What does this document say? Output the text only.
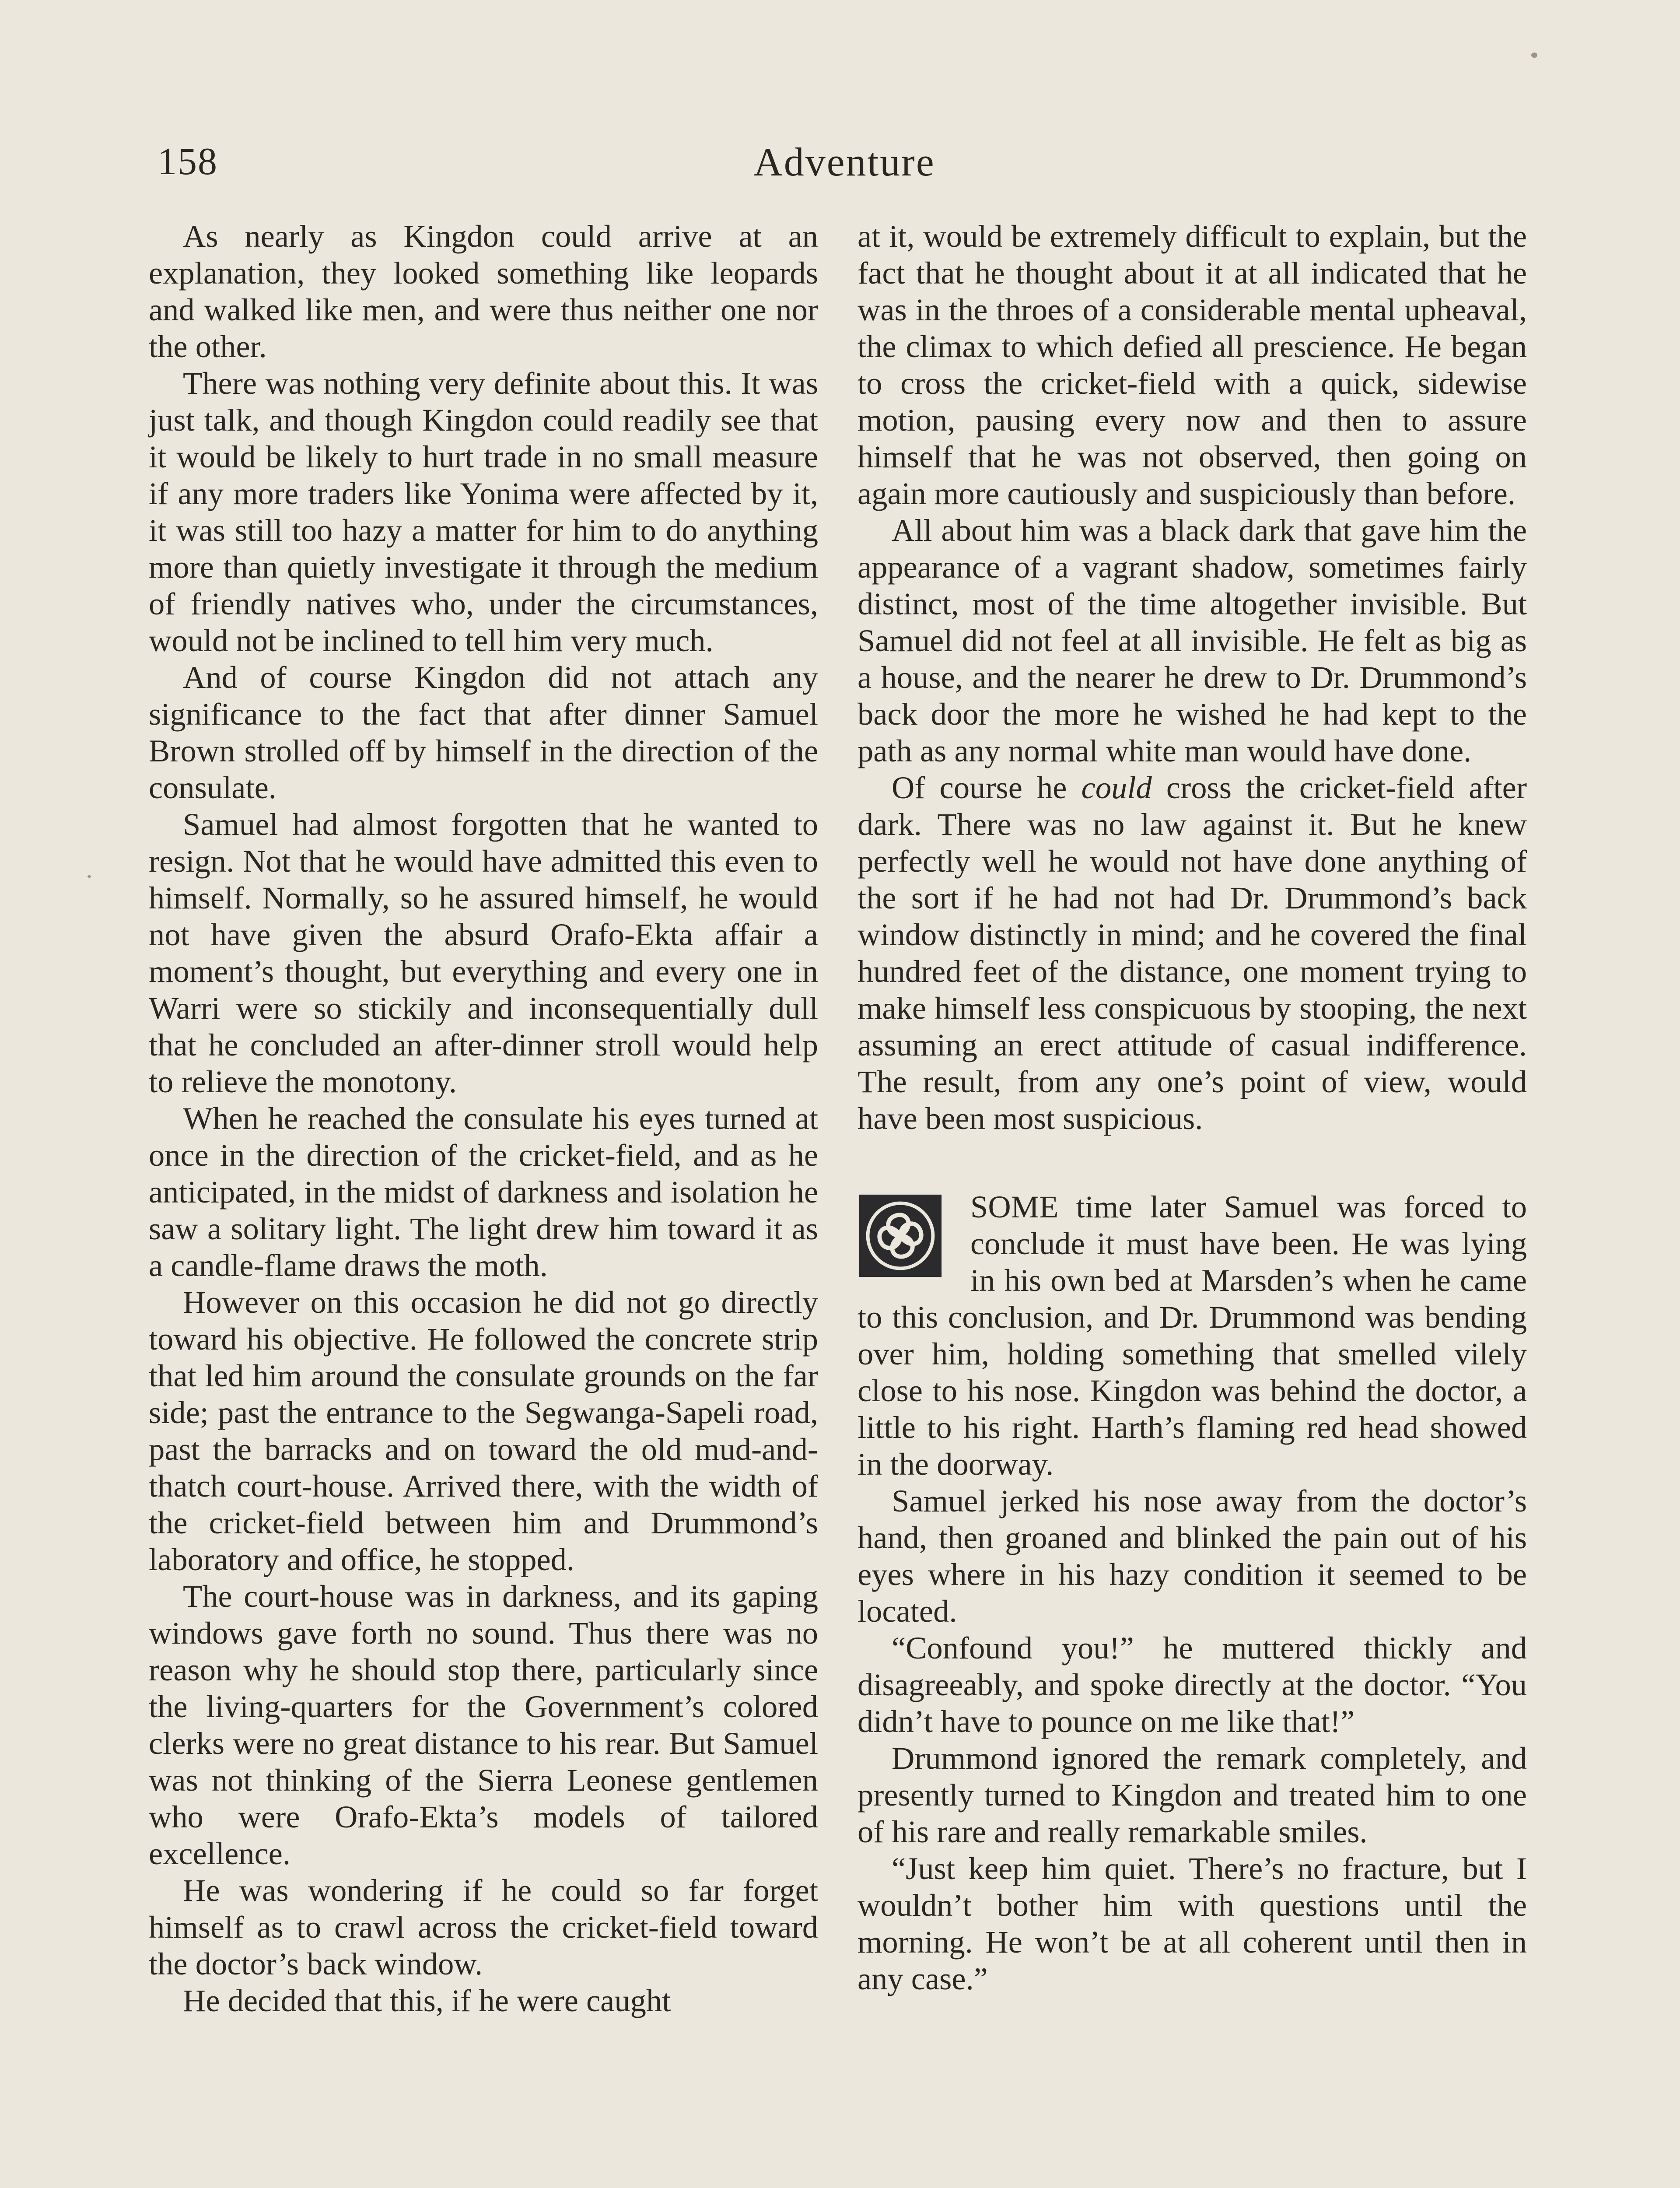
158	Adventure

As nearly as Kingdon could arrive at an explanation, they looked something like leopards and walked like men, and were thus neither one nor the other.

There was nothing very definite about this. It was just talk, and though Kingdon could readily see that it would be likely to hurt trade in no small measure if any more traders like Yonima were affected by it, it was still too hazy a matter for him to do anything more than quietly investigate it through the medium of friendly natives who, under the circumstances, would not be inclined to tell him very much.

And of course Kingdon did not attach any significance to the fact that after dinner Samuel Brown strolled off by himself in the direction of the consulate.

Samuel had almost forgotten that he wanted to resign. Not that he would have admitted this even to himself. Normally, so he assured himself, he would not have given the absurd Orafo-Ekta affair a moment’s thought, but everything and every one in Warri were so stickily and inconsequentially dull that he concluded an after-dinner stroll would help to relieve the monotony.

When he reached the consulate his eyes turned at once in the direction of the cricket-field, and as he anticipated, in the midst of darkness and isolation he saw a solitary light. The light drew him toward it as a candle-flame draws the moth.

However on this occasion he did not go directly toward his objective. He followed the concrete strip that led him around the consulate grounds on the far side; past the entrance to the Segwanga-Sapeli road, past the barracks and on toward the old mud-and-thatch court-house. Arrived there, with the width of the cricket-field between him and Drummond’s laboratory and office, he stopped.

The court-house was in darkness, and its gaping windows gave forth no sound. Thus there was no reason why he should stop there, particularly since the living-quarters for the Government’s colored clerks were no great distance to his rear. But Samuel was not thinking of the Sierra Leonese gentlemen who were Orafo-Ekta’s models of tailored excellence.

He was wondering if he could so far forget himself as to crawl across the cricket-field toward the doctor’s back window.

He decided that this, if he were caught

at it, would be extremely difficult to explain, but the fact that he thought about it at all indicated that he was in the throes of a considerable mental upheaval, the climax to which defied all prescience. He began to cross the cricket-field with a quick, sidewise motion, pausing every now and then to assure himself that he was not observed, then going on again more cautiously and suspiciously than before.

All about him was a black dark that gave him the appearance of a vagrant shadow, sometimes fairly distinct, most of the time altogether invisible. But Samuel did not feel at all invisible. He felt as big as a house, and the nearer he drew to Dr. Drummond’s back door the more he wished he had kept to the path as any normal white man would have done.

Of course he could cross the cricket-field after dark. There was no law against it. But he knew perfectly well he would not have done anything of the sort if he had not had Dr. Drummond’s back window distinctly in mind; and he covered the final hundred feet of the distance, one moment trying to make himself less conspicuous by stooping, the next assuming an erect attitude of casual indifference. The result, from any one’s point of view, would have been most suspicious.

SOME time later Samuel was forced to conclude it must have been. He was lying in his own bed at Marsden’s when he came to this conclusion, and Dr. Drummond was bending over him, holding something that smelled vilely close to his nose. Kingdon was behind the doctor, a little to his right. Harth’s flaming red head showed in the doorway.

Samuel jerked his nose away from the doctor’s hand, then groaned and blinked the pain out of his eyes where in his hazy condition it seemed to be located.

“Confound you!” he muttered thickly and disagreeably, and spoke directly at the doctor. “You didn’t have to pounce on me like that!”

Drummond ignored the remark completely, and presently turned to Kingdon and treated him to one of his rare and really remarkable smiles.

“Just keep him quiet. There’s no fracture, but I wouldn’t bother him with questions until the morning. He won’t be at all coherent until then in any case.”
